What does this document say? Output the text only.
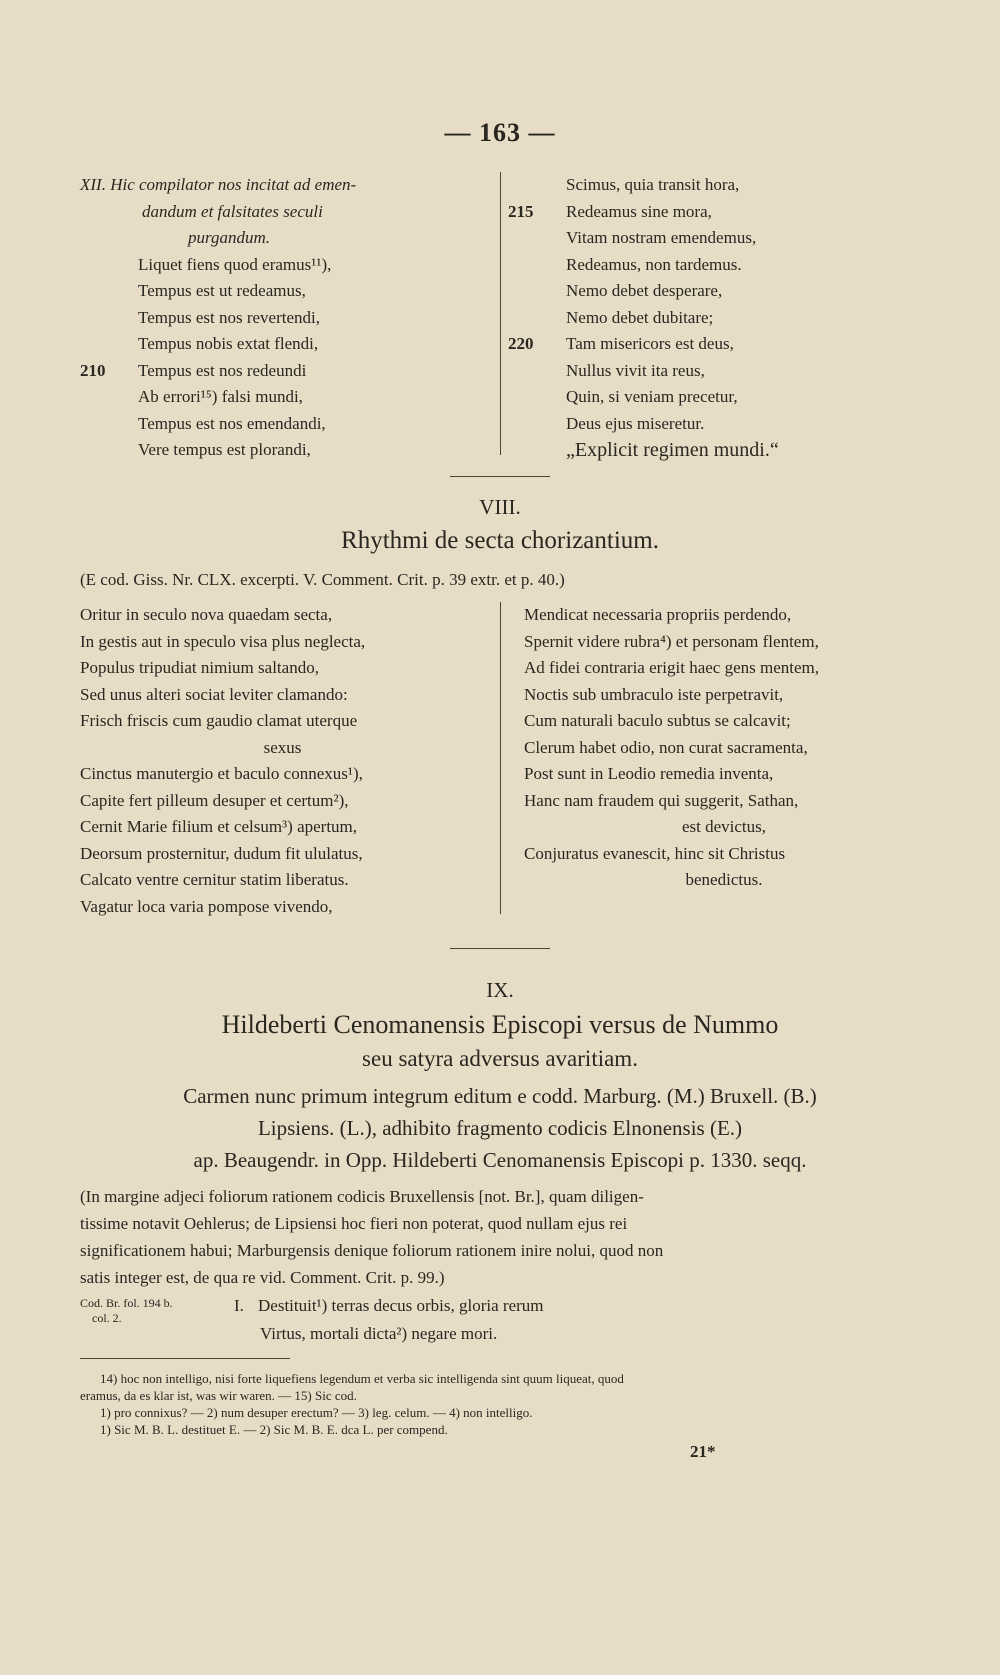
— 163 —
XII. Hic compilator nos incitat ad emen-
dandum et falsitates seculi
purgandum.
Liquet fiens quod eramus¹¹),
Tempus est ut redeamus,
Tempus est nos revertendi,
Tempus nobis extat flendi,
210 Tempus est nos redeundi
Ab errori¹⁵) falsi mundi,
Tempus est nos emendandi,
Vere tempus est plorandi,
Scimus, quia transit hora,
215 Redeamus sine mora,
Vitam nostram emendemus,
Redeamus, non tardemus.
Nemo debet desperare,
Nemo debet dubitare;
220 Tam misericors est deus,
Nullus vivit ita reus,
Quin, si veniam precetur,
Deus ejus miseretur.
„Explicit regimen mundi.“
VIII.
Rhythmi de secta chorizantium.
(E cod. Giss. Nr. CLX. excerpti. V. Comment. Crit. p. 39 extr. et p. 40.)
Oritur in seculo nova quaedam secta,
In gestis aut in speculo visa plus neglecta,
Populus tripudiat nimium saltando,
Sed unus alteri sociat leviter clamando:
Frisch friscis cum gaudio clamat uterque
sexus
Cinctus manutergio et baculo connexus¹),
Capite fert pilleum desuper et certum²),
Cernit Marie filium et celsum³) apertum,
Deorsum prosternitur, dudum fit ululatus,
Calcato ventre cernitur statim liberatus.
Vagatur loca varia pompose vivendo,
Mendicat necessaria propriis perdendo,
Spernit videre rubra⁴) et personam flentem,
Ad fidei contraria erigit haec gens mentem,
Noctis sub umbraculo iste perpetravit,
Cum naturali baculo subtus se calcavit;
Clerum habet odio, non curat sacramenta,
Post sunt in Leodio remedia inventa,
Hanc nam fraudem qui suggerit, Sathan,
est devictus,
Conjuratus evanescit, hinc sit Christus
benedictus.
IX.
Hildeberti Cenomanensis Episcopi versus de Nummo
seu satyra adversus avaritiam.
Carmen nunc primum integrum editum e codd. Marburg. (M.) Bruxell. (B.)
Lipsiens. (L.), adhibito fragmento codicis Elnonensis (E.)
ap. Beaugendr. in Opp. Hildeberti Cenomanensis Episcopi p. 1330. seqq.
(In margine adjeci foliorum rationem codicis Bruxellensis [not. Br.], quam diligen-
tissime notavit Oehlerus; de Lipsiensi hoc fieri non poterat, quod nullam ejus rei
significationem habui; Marburgensis denique foliorum rationem inire nolui, quod non
satis integer est, de qua re vid. Comment. Crit. p. 99.)
Cod. Br. fol. 194 b.
col. 2.
I. Destituit¹) terras decus orbis, gloria rerum
Virtus, mortali dicta²) negare mori.
14) hoc non intelligo, nisi forte liquefiens legendum et verba sic intelligenda sint quum liqueat, quod
eramus, da es klar ist, was wir waren. — 15) Sic cod.
1) pro connixus? — 2) num desuper erectum? — 3) leg. celum. — 4) non intelligo.
1) Sic M. B. L. destituet E. — 2) Sic M. B. E. dca L. per compend.
21*
